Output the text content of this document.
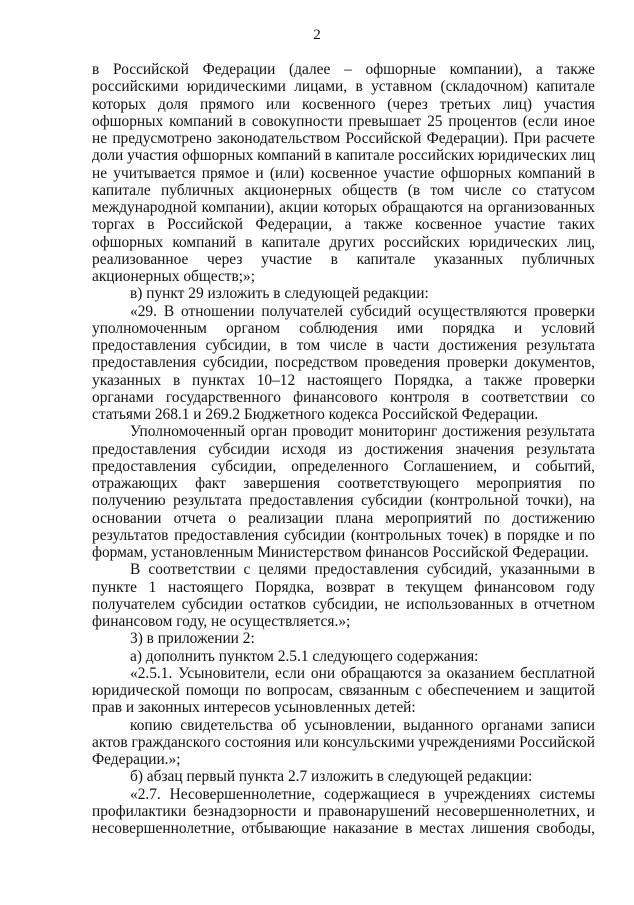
2

в Российской Федерации (далее – офшорные компании), а также российскими юридическими лицами, в уставном (складочном) капитале которых доля прямого или косвенного (через третьих лиц) участия офшорных компаний в совокупности превышает 25 процентов (если иное не предусмотрено законодательством Российской Федерации). При расчете доли участия офшорных компаний в капитале российских юридических лиц не учитывается прямое и (или) косвенное участие офшорных компаний в капитале публичных акционерных обществ (в том числе со статусом международной компании), акции которых обращаются на организованных торгах в Российской Федерации, а также косвенное участие таких офшорных компаний в капитале других российских юридических лиц, реализованное через участие в капитале указанных публичных акционерных обществ;»;

в) пункт 29 изложить в следующей редакции:

«29. В отношении получателей субсидий осуществляются проверки уполномоченным органом соблюдения ими порядка и условий предоставления субсидии, в том числе в части достижения результата предоставления субсидии, посредством проведения проверки документов, указанных в пунктах 10–12 настоящего Порядка, а также проверки органами государственного финансового контроля в соответствии со статьями 268.1 и 269.2 Бюджетного кодекса Российской Федерации.

Уполномоченный орган проводит мониторинг достижения результата предоставления субсидии исходя из достижения значения результата предоставления субсидии, определенного Соглашением, и событий, отражающих факт завершения соответствующего мероприятия по получению результата предоставления субсидии (контрольной точки), на основании отчета о реализации плана мероприятий по достижению результатов предоставления субсидии (контрольных точек) в порядке и по формам, установленным Министерством финансов Российской Федерации.

В соответствии с целями предоставления субсидий, указанными в пункте 1 настоящего Порядка, возврат в текущем финансовом году получателем субсидии остатков субсидии, не использованных в отчетном финансовом году, не осуществляется.»;

3) в приложении 2:

а) дополнить пунктом 2.5.1 следующего содержания:

«2.5.1. Усыновители, если они обращаются за оказанием бесплатной юридической помощи по вопросам, связанным с обеспечением и защитой прав и законных интересов усыновленных детей:

копию свидетельства об усыновлении, выданного органами записи актов гражданского состояния или консульскими учреждениями Российской Федерации.»;

б) абзац первый пункта 2.7 изложить в следующей редакции:

«2.7. Несовершеннолетние, содержащиеся в учреждениях системы профилактики безнадзорности и правонарушений несовершеннолетних, и несовершеннолетние, отбывающие наказание в местах лишения свободы,
